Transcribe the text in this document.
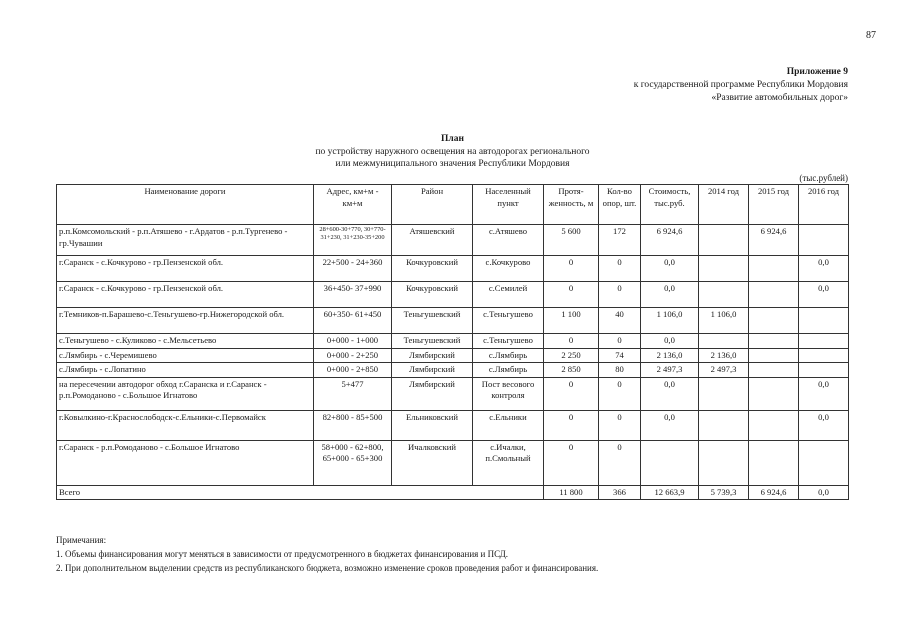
87
Приложение 9
к государственной программе Республики Мордовия
«Развитие автомобильных дорог»
План
по устройству наружного освещения на автодорогах регионального
или межмуниципального значения Республики Мордовия
(тыс.рублей)
Наименование дороги	Адрес, км+м - км+м	Район	Населенный пункт	Протя-женность, м	Кол-во опор, шт.	Стоимость, тыс.руб.	2014 год	2015 год	2016 год
р.п.Комсомольский - р.п.Атяшево - г.Ардатов - р.п.Тургенево - гр.Чувашии	28+600-30+770, 30+770-31+230, 31+230-35+200	Атяшевский	с.Атяшево	5 600	172	6 924,6		6 924,6	
г.Саранск - с.Кочкурово - гр.Пензенской обл.	22+500 - 24+360	Кочкуровский	с.Кочкурово	0	0	0,0			0,0
г.Саранск - с.Кочкурово - гр.Пензенской обл.	36+450- 37+990	Кочкуровский	с.Семилей	0	0	0,0			0,0
г.Темников-п.Барашево-с.Теньгушево-гр.Нижегородской обл.	60+350- 61+450	Теньгушевский	с.Теньгушево	1 100	40	1 106,0	1 106,0		
с.Теньгушево - с.Куликово - с.Мельсетьево	0+000 - 1+000	Теньгушевский	с.Теньгушево	0	0	0,0			
с.Лямбирь - с.Черемишево	0+000 - 2+250	Лямбирский	с.Лямбирь	2 250	74	2 136,0	2 136,0		
с.Лямбирь - с.Лопатино	0+000 - 2+850	Лямбирский	с.Лямбирь	2 850	80	2 497,3	2 497,3		
на пересечении автодорог обход г.Саранска и г.Саранск - р.п.Ромоданово - с.Большое Игнатово	5+477	Лямбирский	Пост весового контроля	0	0	0,0			0,0
г.Ковылкино-г.Краснослободск-с.Ельники-с.Первомайск	82+800 - 85+500	Ельниковский	с.Ельники	0	0	0,0			0,0
г.Саранск - р.п.Ромоданово - с.Большое Игнатово	58+000 - 62+800, 65+000 - 65+300	Ичалковский	с.Ичалки, п.Смольный	0	0				
Всего				11 800	366	12 663,9	5 739,3	6 924,6	0,0
Примечания:
1. Объемы финансирования могут меняться в зависимости от предусмотренного в бюджетах финансирования и ПСД.
2. При дополнительном выделении средств из республиканского бюджета, возможно изменение сроков проведения работ и финансирования.
